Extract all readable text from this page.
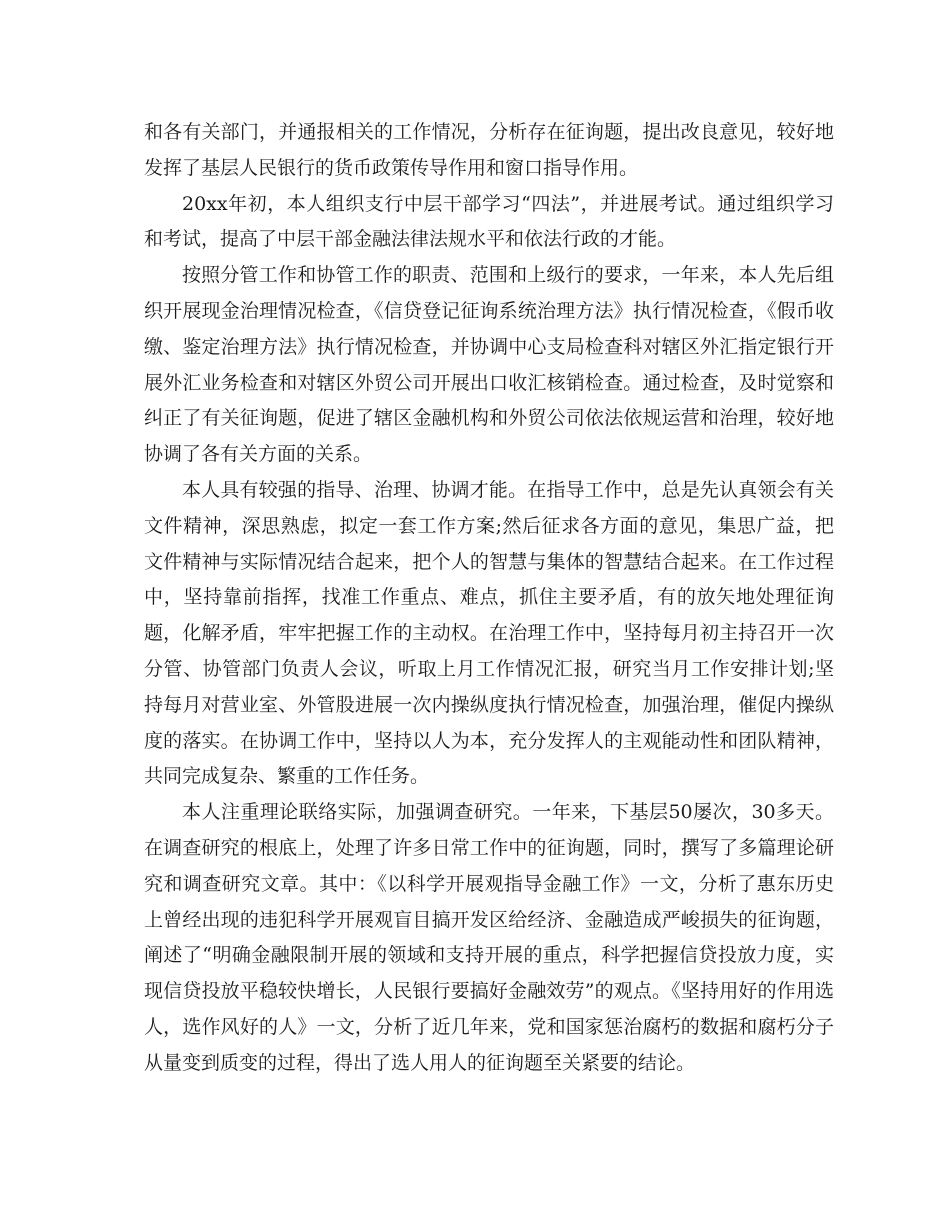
和各有关部门，并通报相关的工作情况，分析存在征询题，提出改良意见，较好地发挥了基层人民银行的货币政策传导作用和窗口指导作用。

20xx年初，本人组织支行中层干部学习“四法”，并进展考试。通过组织学习和考试，提高了中层干部金融法律法规水平和依法行政的才能。

按照分管工作和协管工作的职责、范围和上级行的要求，一年来，本人先后组织开展现金治理情况检查，《信贷登记征询系统治理方法》执行情况检查，《假币收缴、鉴定治理方法》执行情况检查，并协调中心支局检查科对辖区外汇指定银行开展外汇业务检查和对辖区外贸公司开展出口收汇核销检查。通过检查，及时觉察和纠正了有关征询题，促进了辖区金融机构和外贸公司依法依规运营和治理，较好地协调了各有关方面的关系。

本人具有较强的指导、治理、协调才能。在指导工作中，总是先认真领会有关文件精神，深思熟虑，拟定一套工作方案;然后征求各方面的意见，集思广益，把文件精神与实际情况结合起来，把个人的智慧与集体的智慧结合起来。在工作过程中，坚持靠前指挥，找准工作重点、难点，抓住主要矛盾，有的放矢地处理征询题，化解矛盾，牢牢把握工作的主动权。在治理工作中，坚持每月初主持召开一次分管、协管部门负责人会议，听取上月工作情况汇报，研究当月工作安排计划;坚持每月对营业室、外管股进展一次内操纵度执行情况检查，加强治理，催促内操纵度的落实。在协调工作中，坚持以人为本，充分发挥人的主观能动性和团队精神，共同完成复杂、繁重的工作任务。

本人注重理论联络实际，加强调查研究。一年来，下基层50屡次，30多天。在调查研究的根底上，处理了许多日常工作中的征询题，同时，撰写了多篇理论研究和调查研究文章。其中：《以科学开展观指导金融工作》一文，分析了惠东历史上曾经出现的违犯科学开展观盲目搞开发区给经济、金融造成严峻损失的征询题，阐述了“明确金融限制开展的领域和支持开展的重点，科学把握信贷投放力度，实现信贷投放平稳较快增长，人民银行要搞好金融效劳”的观点。《坚持用好的作用选人，选作风好的人》一文，分析了近几年来，党和国家惩治腐朽的数据和腐朽分子从量变到质变的过程，得出了选人用人的征询题至关紧要的结论。
